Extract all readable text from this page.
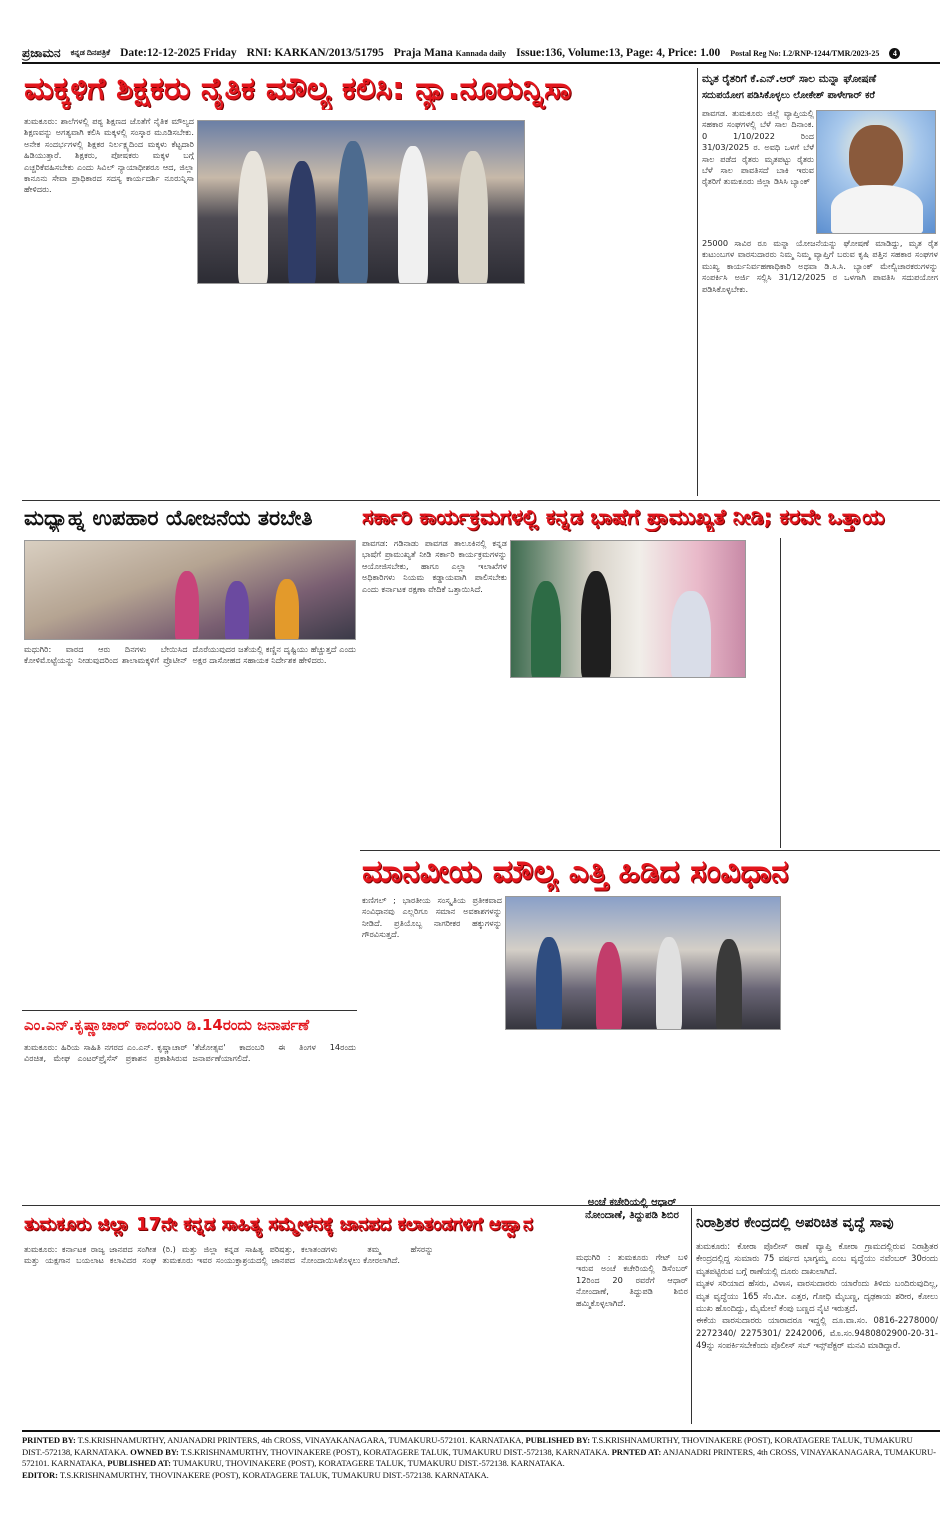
ಪ್ರಜಾಮನ ಕನ್ನಡ ದಿನಪತ್ರಿಕೆ Date:12-12-2025 Friday RNI: KARKAN/2013/51795 Praja Mana Kannada daily Issue:136, Volume:13, Page: 4, Price: 1.00 Postal Reg No: L2/RNP-1244/TMR/2023-25	4
ಮಕ್ಕಳಿಗೆ ಶಿಕ್ಷಕರು ನೈತಿಕ ಮೌಲ್ಯ ಕಲಿಸಿ: ನ್ಯಾ.ನೂರುನ್ನಿಸಾ
ತುಮಕೂರು: ಶಾಲೆಗಳಲ್ಲಿ ಪಠ್ಯ ಶಿಕ್ಷಣದ ಜೊತೆಗೆ ನೈತಿಕ ಮೌಲ್ಯದ ಶಿಕ್ಷಣವನ್ನು ಅಗತ್ಯವಾಗಿ ಕಲಿಸಿ ಮಕ್ಕಳಲ್ಲಿ ಸಂಸ್ಕಾರ ಮೂಡಿಸಬೇಕು. ಅನೇಕ ಸಂದರ್ಭಗಳಲ್ಲಿ ಶಿಕ್ಷಕರ ನಿರ್ಲಕ್ಷ್ಯದಿಂದ ಮಕ್ಕಳು ಕೆಟ್ಟದಾರಿ ಹಿಡಿಯುತ್ತಾರೆ. ಶಿಕ್ಷಕರು, ಪೋಷಕರು ಮಕ್ಕಳ ಬಗ್ಗೆ ಎಚ್ಚರಿಕೆವಹಿಸಬೇಕು ಎಂದು ಸಿವಿಲ್ ನ್ಯಾಯಾಧೀಶರೂ ಆದ, ಜಿಲ್ಲಾ ಕಾನೂನು ಸೇವಾ ಪ್ರಾಧಿಕಾರದ ಸದಸ್ಯ ಕಾರ್ಯದರ್ಶಿ ನೂರುನ್ನಿಸಾ ಹೇಳಿದರು.
ಮೃತ ರೈತರಿಗೆ ಕೆ.ಎನ್.ಆರ್ ಸಾಲ ಮನ್ನಾ ಘೋಷಣೆ
ಸದುಪಯೋಗ ಪಡಿಸಿಕೊಳ್ಳಲು ಲೋಕೇಶ್ ಪಾಳೇಗಾರ್ ಕರೆ
ಪಾವಗಡ. ತುಮಕೂರು ಜಿಲ್ಲೆ ವ್ಯಾಪ್ತಿಯಲ್ಲಿ ಸಹಕಾರ ಸಂಘಗಳಲ್ಲಿ ಬೆಳೆ ಸಾಲ ದಿನಾಂಕ. 0 1/10/2022 ರಿಂದ 31/03/2025 ರ. ಅವಧಿ ಒಳಗೆ ಬೆಳೆ ಸಾಲ ಪಡೆದ ರೈತರು ಮೃತಪಟ್ಟು ರೈತರು ಬೆಳೆ ಸಾಲ ಪಾವತಿಸದೆ ಬಾಕಿ ಇರುವ ರೈತರಿಗೆ ತುಮಕೂರು ಜಿಲ್ಲಾ ಡಿಸಿಸಿ ಬ್ಯಾಂಕ್
25000 ಸಾವಿರ ರೂ ಮನ್ನಾ ಯೋಜನೆಯನ್ನು ಘೋಷಣೆ ಮಾಡಿದ್ದು, ಮೃತ ರೈತ ಕುಟುಂಬಗಳ ವಾರಸುದಾರರು ನಿಮ್ಮ ನಿಮ್ಮ ವ್ಯಾಪ್ತಿಗೆ ಬರುವ ಕೃಷಿ ಪತ್ತಿನ ಸಹಕಾರ ಸಂಘಗಳ ಮುಖ್ಯ ಕಾರ್ಯನಿರ್ವಹಣಾಧಿಕಾರಿ ಅಥವಾ ಡಿ.ಸಿ.ಸಿ. ಬ್ಯಾಂಕ್ ಮೇಲ್ವಿಚಾರಕರುಗಳನ್ನು ಸಂಪರ್ಕಿಸಿ ಅರ್ಜಿ ಸಲ್ಲಿಸಿ 31/12/2025 ರ ಒಳಗಾಗಿ ಪಾವತಿಸಿ ಸದುಪಯೋಗ ಪಡಿಸಿಕೊಳ್ಳಬೇಕು.
ಮಧ್ಯಾಹ್ನ ಉಪಹಾರ ಯೋಜನೆಯ ತರಬೇತಿ
ಮಧುಗಿರಿ: ವಾರದ ಆರು ದಿನಗಳು ಬೇಯಿಸಿದ ಕೋಳಿಮೊಟ್ಟೆಯನ್ನು ನೀಡುವುದರಿಂದ ಶಾಲಾಮಕ್ಕಳಿಗೆ ಪ್ರೊಟೀನ್ ದೊರೆಯುವುದರ ಜತೆಯಲ್ಲಿ ಕಣ್ಣಿನ ದೃಷ್ಟಿಯು ಹೆಚ್ಚುತ್ತದೆ ಎಂದು ಅಕ್ಷರ ದಾಸೋಹದ ಸಹಾಯಕ ನಿರ್ದೇಶಕ ಹೇಳಿದರು.
ಸರ್ಕಾರಿ ಕಾರ್ಯಕ್ರಮಗಳಲ್ಲಿ ಕನ್ನಡ ಭಾಷೆಗೆ ಪ್ರಾಮುಖ್ಯತೆ ನೀಡಿ; ಕರವೇ ಒತ್ತಾಯ
ಪಾವಗಡ: ಗಡಿನಾಡು ಪಾವಗಡ ತಾಲೂಕಿನಲ್ಲಿ ಕನ್ನಡ ಭಾಷೆಗೆ ಪ್ರಾಮುಖ್ಯತೆ ನೀಡಿ ಸರ್ಕಾರಿ ಕಾರ್ಯಕ್ರಮಗಳನ್ನು ಆಯೋಜಿಸಬೇಕು, ಹಾಗೂ ಎಲ್ಲಾ ಇಲಾಖೆಗಳ ಅಧಿಕಾರಿಗಳು ನಿಯಮ ಕಡ್ಡಾಯವಾಗಿ ಪಾಲಿಸಬೇಕು ಎಂದು ಕರ್ನಾಟಕ ರಕ್ಷಣಾ ವೇದಿಕೆ ಒತ್ತಾಯಿಸಿದೆ.
ಮಾನವೀಯ ಮೌಲ್ಯ ಎತ್ತಿ ಹಿಡಿದ ಸಂವಿಧಾನ
ಕುಣಿಗಲ್ ; ಭಾರತೀಯ ಸಂಸ್ಕೃತಿಯ ಪ್ರತೀಕವಾದ ಸಂವಿಧಾನವು ಎಲ್ಲರಿಗೂ ಸಮಾನ ಅವಕಾಶಗಳನ್ನು ನೀಡಿದೆ. ಪ್ರತಿಯೊಬ್ಬ ನಾಗರೀಕರ ಹಕ್ಕುಗಳನ್ನು ಗೌರವಿಸುತ್ತದೆ.
ಎಂ.ಎನ್.ಕೃಷ್ಣಾಚಾರ್ ಕಾದಂಬರಿ ಡಿ.14ರಂದು ಜನಾರ್ಪಣೆ
ತುಮಕೂರು: ಹಿರಿಯ ಸಾಹಿತಿ ನಗರದ ಎಂ.ಎನ್. ಕೃಷ್ಣಾಚಾರ್ ವಿರಚಿತ, ಮೇಘ ಎಂಟರ್‌ಪ್ರೈಸೆಸ್ ಪ್ರಕಾಶನ ಪ್ರಕಾಶಿಸಿರುವ 'ತೆಜೋತ್ಸವ' ಕಾದಂಬರಿ ಈ ತಿಂಗಳ 14ರಂದು ಜನಾರ್ಪಣೆಯಾಗಲಿದೆ.
ತುಮಕೂರು ಜಿಲ್ಲಾ 17ನೇ ಕನ್ನಡ ಸಾಹಿತ್ಯ ಸಮ್ಮೇಳನಕ್ಕೆ ಜಾನಪದ ಕಲಾತಂಡಗಳಿಗೆ ಆಹ್ವಾನ
ತುಮಕೂರು: ಕರ್ನಾಟಕ ರಾಜ್ಯ ಜಾನಪದ ಸಂಗೀತ ಮತ್ತು ಯಕ್ಷಗಾನ ಬಯಲಾಟ ಕಲಾವಿದರ ಸಂಘ (ರಿ.) ಮತ್ತು ಜಿಲ್ಲಾ ಕನ್ನಡ ಸಾಹಿತ್ಯ ಪರಿಷತ್ತು, ತುಮಕೂರು ಇವರ ಸಂಯುಕ್ತಾಶ್ರಯದಲ್ಲಿ ಜಾನಪದ ಕಲಾತಂಡಗಳು ತಮ್ಮ ಹೆಸರನ್ನು ನೋಂದಾಯಿಸಿಕೊಳ್ಳಲು ಕೋರಲಾಗಿದೆ.
ಅಂಚೆ ಕಚೇರಿಯಲ್ಲಿ ಆಧಾರ್ ನೋಂದಾಣೆ, ತಿದ್ದುಪಡಿ ಶಿಬಿರ
ಮಧುಗಿರಿ : ತುಮಕೂರು ಗೇಟ್ ಬಳಿ ಇರುವ ಅಂಚೆ ಕಚೇರಿಯಲ್ಲಿ ಡಿಸೆಂಬರ್ 12ರಿಂದ 20 ರವರೆಗೆ ಆಧಾರ್ ನೋಂದಾಣೆ, ತಿದ್ದುಪಡಿ ಶಿಬಿರ ಹಮ್ಮಿಕೊಳ್ಳಲಾಗಿದೆ.
ನಿರಾಶ್ರಿತರ ಕೇಂದ್ರದಲ್ಲಿ ಅಪರಿಚಿತ ವೃದ್ಧೆ ಸಾವು
ತುಮಕೂರು: ಕೋರಾ ಪೊಲೀಸ್ ಠಾಣೆ ವ್ಯಾಪ್ತಿ ಕೋರಾ ಗ್ರಾಮದಲ್ಲಿರುವ ನಿರಾಶ್ರಿತರ ಕೇಂದ್ರದಲ್ಲಿದ್ದ ಸುಮಾರು 75 ವರ್ಷದ ಭಾಗ್ಯಮ್ಮ ಎಂಬ ವೃದ್ಧೆಯು ನವೆಂಬರ್ 30ರಂದು ಮೃತಪಟ್ಟಿರುವ ಬಗ್ಗೆ ಠಾಣೆಯಲ್ಲಿ ದೂರು ದಾಖಲಾಗಿದೆ.
ಮೃತಳ ಸರಿಯಾದ ಹೆಸರು, ವಿಳಾಸ, ವಾರಸುದಾರರು ಯಾರೆಂದು ತಿಳಿದು ಬಂದಿರುವುದಿಲ್ಲ, ಮೃತ ವೃದ್ಧೆಯು 165 ಸೆಂ.ಮೀ. ಎತ್ತರ, ಗೋಧಿ ಮೈಬಣ್ಣ, ದೃಢಕಾಯ ಶರೀರ, ಕೋಲು ಮುಖ ಹೊಂದಿದ್ದು, ಮೈಮೇಲೆ ಕೆಂಪು ಬಣ್ಣದ ನೈಟಿ ಇರುತ್ತದೆ.
ಈಕೆಯ ವಾರಸುದಾರರು ಯಾರಾದರೂ ಇದ್ದಲ್ಲಿ ದೂ.ವಾ.ಸಂ. 0816-2278000/ 2272340/ 2275301/ 2242006, ಮೊ.ಸಂ.9480802900-20-31-49ನ್ನು ಸಂಪರ್ಕಿಸಬೇಕೆಂದು ಪೊಲೀಸ್ ಸಬ್ ಇನ್ಸ್‌ಪೆಕ್ಟರ್ ಮನವಿ ಮಾಡಿದ್ದಾರೆ.
PRINTED BY: T.S.KRISHNAMURTHY, ANJANADRI PRINTERS, 4th CROSS, VINAYAKANAGARA, TUMAKURU-572101. KARNATAKA, PUBLISHED BY: T.S.KRISHNAMURTHY, THOVINAKERE (POST), KORATAGERE TALUK, TUMAKURU DIST.-572138, KARNATAKA. OWNED BY: T.S.KRISHNAMURTHY, THOVINAKERE (POST), KORATAGERE TALUK, TUMAKURU DIST.-572138, KARNATAKA. PRNTED AT: ANJANADRI PRINTERS, 4th CROSS, VINAYAKANAGARA, TUMAKURU-572101. KARNATAKA, PUBLISHED AT: TUMAKURU, THOVINAKERE (POST), KORATAGERE TALUK, TUMAKURU DIST.-572138. KARNATAKA.
EDITOR: T.S.KRISHNAMURTHY, THOVINAKERE (POST), KORATAGERE TALUK, TUMAKURU DIST.-572138. KARNATAKA.
